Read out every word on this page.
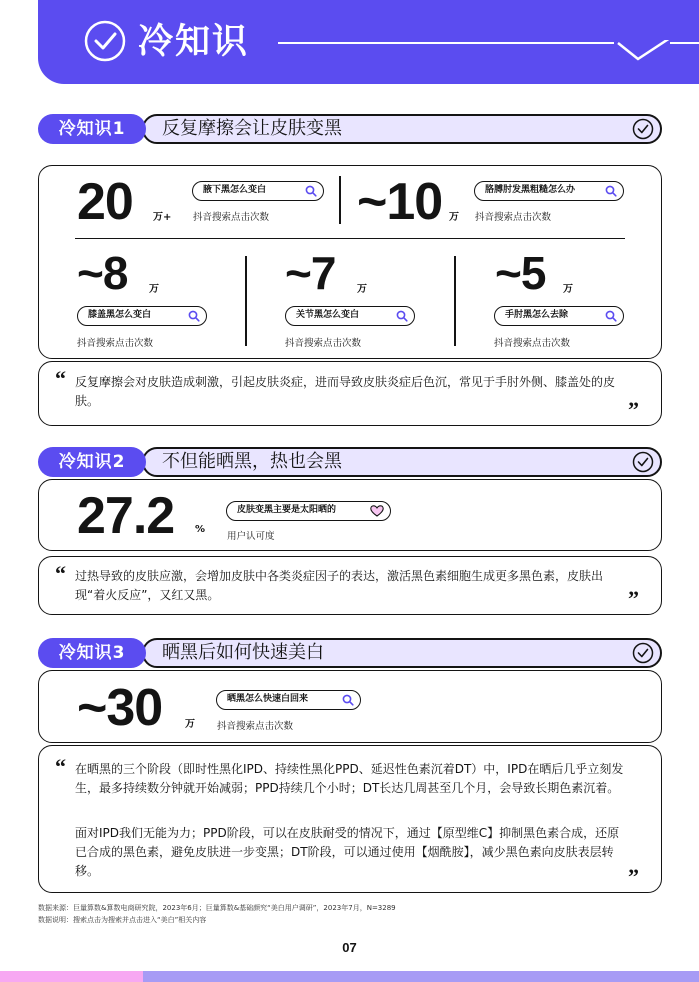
冷知识
冷知识1	反复摩擦会让皮肤变黑
20 万+
腋下黑怎么变白
抖音搜索点击次数 ~10 万
胳膊肘发黑粗糙怎么办
抖音搜索点击次数
~8 万
膝盖黑怎么变白
抖音搜索点击次数
~7 万
关节黑怎么变白
抖音搜索点击次数
~5 万
手肘黑怎么去除
抖音搜索点击次数
“ 反复摩擦会对皮肤造成刺激，引起皮肤炎症，进而导致皮肤炎症后色沉，常见于手肘外侧、膝盖处的皮肤。	”
冷知识2	不但能晒黑，热也会黑
27.2 %
皮肤变黑主要是太阳晒的
用户认可度
“ 过热导致的皮肤应激，会增加皮肤中各类炎症因子的表达，激活黑色素细胞生成更多黑色素，皮肤出现“着火反应”，又红又黑。	”
冷知识3	晒黑后如何快速美白
~30 万
晒黑怎么快速白回来
抖音搜索点击次数
“ 在晒黑的三个阶段（即时性黑化IPD、持续性黑化PPD、延迟性色素沉着DT）中，IPD在晒后几乎立刻发生，最多持续数分钟就开始减弱；PPD持续几个小时；DT长达几周甚至几个月，会导致长期色素沉着。
面对IPD我们无能为力；PPD阶段，可以在皮肤耐受的情况下，通过【原型维C】抑制黑色素合成，还原已合成的黑色素，避免皮肤进一步变黑；DT阶段，可以通过使用【烟酰胺】，减少黑色素向皮肤表层转移。	”
数据来源：巨量算数&算数电商研究院，2023年6月；巨量算数&基础颜究“美白用户调研”，2023年7月，N=3289
数据说明：搜索点击为搜索并点击进入“美白”相关内容
07
